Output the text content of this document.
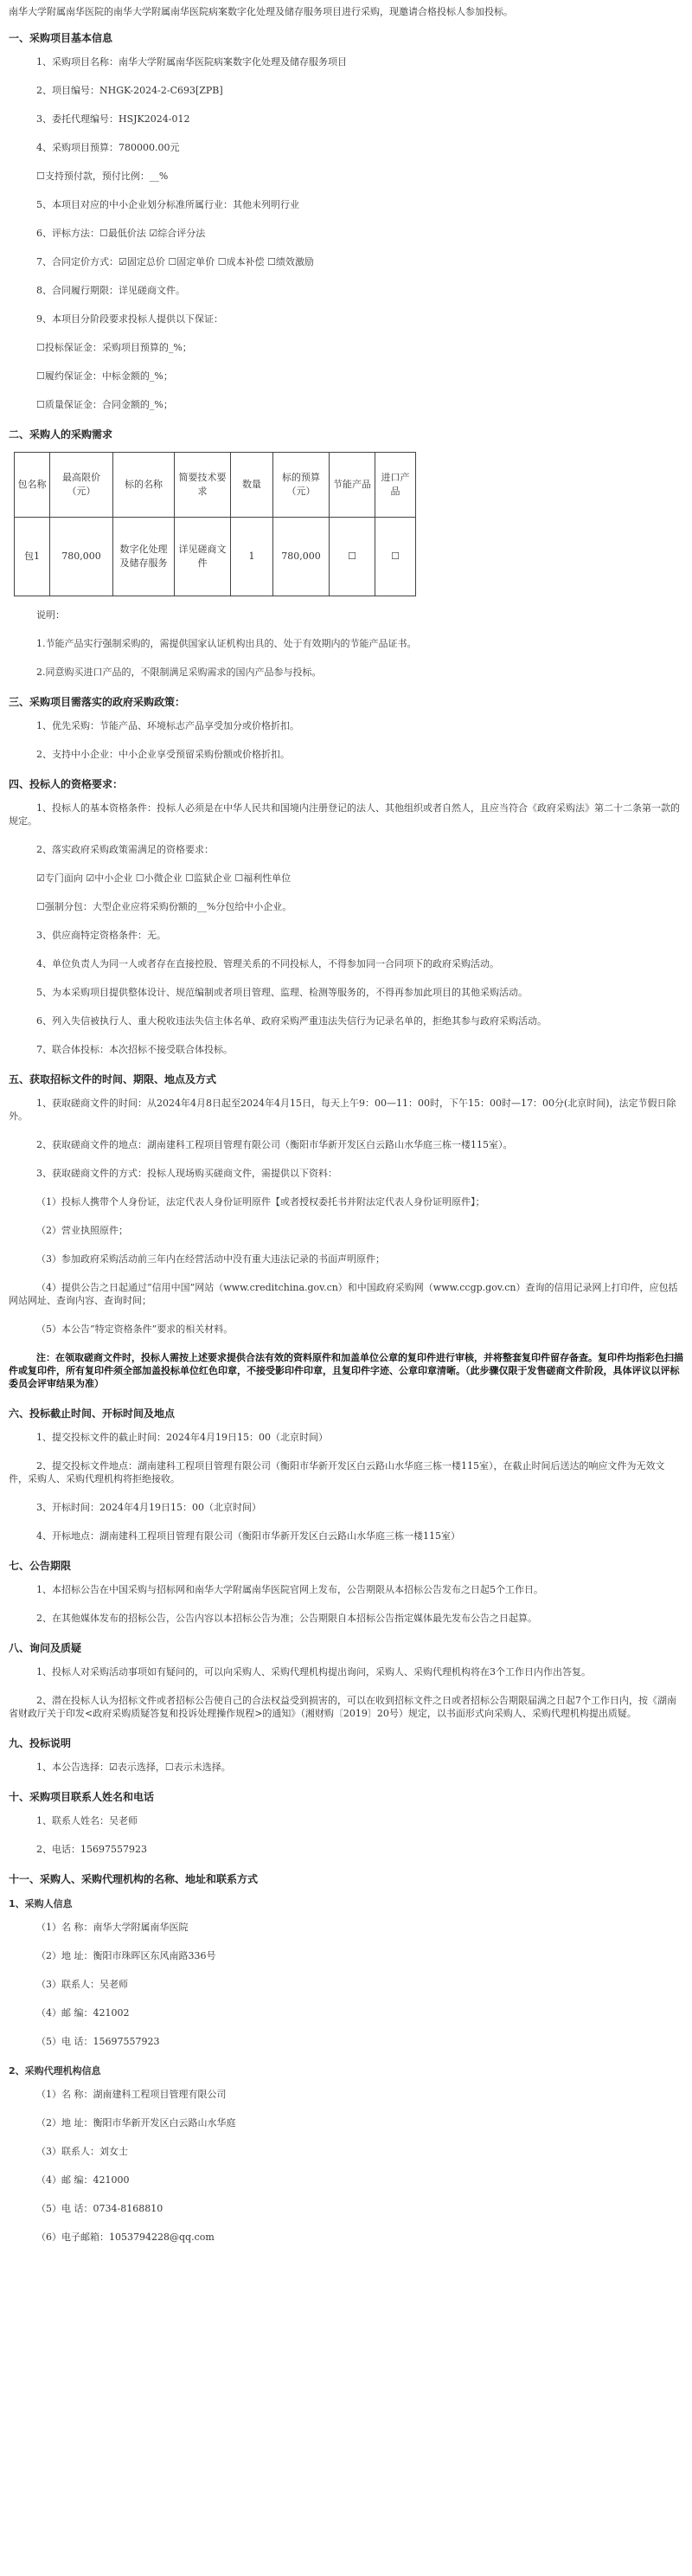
南华大学附属南华医院的南华大学附属南华医院病案数字化处理及储存服务项目进行采购，现邀请合格投标人参加投标。

一、采购项目基本信息

1、采购项目名称：南华大学附属南华医院病案数字化处理及储存服务项目

2、项目编号：NHGK-2024-2-C693[ZPB]

3、委托代理编号：HSJK2024-012

4、采购项目预算：780000.00元

☐支持预付款，预付比例：__%

5、本项目对应的中小企业划分标准所属行业：其他未列明行业

6、评标方法：☐最低价法 ☑综合评分法

7、合同定价方式：☑固定总价 ☐固定单价 ☐成本补偿 ☐绩效激励

8、合同履行期限：详见磋商文件。

9、本项目分阶段要求投标人提供以下保证：

☐投标保证金：采购项目预算的_%；

☐履约保证金：中标金额的_%；

☐质量保证金：合同金额的_%；

二、采购人的采购需求
包名称	最高限价（元）	标的名称	简要技术要求	数量	标的预算（元）	节能产品	进口产品
包1	780,000	数字化处理及储存服务	详见磋商文件	1	780,000	☐	☐

说明：

1.节能产品实行强制采购的，需提供国家认证机构出具的、处于有效期内的节能产品证书。

2.同意购买进口产品的，不限制满足采购需求的国内产品参与投标。

三、采购项目需落实的政府采购政策：

1、优先采购：节能产品、环境标志产品享受加分或价格折扣。

2、支持中小企业：中小企业享受预留采购份额或价格折扣。

四、投标人的资格要求：

1、投标人的基本资格条件：投标人必须是在中华人民共和国境内注册登记的法人、其他组织或者自然人，且应当符合《政府采购法》第二十二条第一款的规定。

2、落实政府采购政策需满足的资格要求：

☑专门面向 ☑中小企业 ☐小微企业 ☐监狱企业 ☐福利性单位

☐强制分包：大型企业应将采购份额的__%分包给中小企业。

3、供应商特定资格条件：无。

4、单位负责人为同一人或者存在直接控股、管理关系的不同投标人，不得参加同一合同项下的政府采购活动。

5、为本采购项目提供整体设计、规范编制或者项目管理、监理、检测等服务的，不得再参加此项目的其他采购活动。

6、列入失信被执行人、重大税收违法失信主体名单、政府采购严重违法失信行为记录名单的，拒绝其参与政府采购活动。

7、联合体投标：本次招标不接受联合体投标。

五、获取招标文件的时间、期限、地点及方式

1、获取磋商文件的时间：从2024年4月8日起至2024年4月15日，每天上午9：00—11：00时，下午15：00时—17：00分(北京时间)，法定节假日除外。

2、获取磋商文件的地点：湖南建科工程项目管理有限公司（衡阳市华新开发区白云路山水华庭三栋一楼115室）。

3、获取磋商文件的方式：投标人现场购买磋商文件，需提供以下资料：

（1）投标人携带个人身份证，法定代表人身份证明原件【或者授权委托书并附法定代表人身份证明原件】；

（2）营业执照原件；

（3）参加政府采购活动前三年内在经营活动中没有重大违法记录的书面声明原件；

（4）提供公告之日起通过“信用中国”网站（www.creditchina.gov.cn）和中国政府采购网（www.ccgp.gov.cn）查询的信用记录网上打印件，应包括网站网址、查询内容、查询时间；

（5）本公告“特定资格条件”要求的相关材料。

注：在领取磋商文件时，投标人需按上述要求提供合法有效的资料原件和加盖单位公章的复印件进行审核，并将整套复印件留存备查。复印件均指彩色扫描件或复印件，所有复印件须全部加盖投标单位红色印章，不接受影印件印章，且复印件字迹、公章印章清晰。（此步骤仅限于发售磋商文件阶段，具体评议以评标委员会评审结果为准）

六、投标截止时间、开标时间及地点

1、提交投标文件的截止时间：2024年4月19日15：00（北京时间）

2、提交投标文件地点：湖南建科工程项目管理有限公司（衡阳市华新开发区白云路山水华庭三栋一楼115室），在截止时间后送达的响应文件为无效文件，采购人、采购代理机构将拒绝接收。

3、开标时间：2024年4月19日15：00（北京时间）

4、开标地点：湖南建科工程项目管理有限公司（衡阳市华新开发区白云路山水华庭三栋一楼115室）

七、公告期限

1、本招标公告在中国采购与招标网和南华大学附属南华医院官网上发布，公告期限从本招标公告发布之日起5个工作日。

2、在其他媒体发布的招标公告，公告内容以本招标公告为准；公告期限自本招标公告指定媒体最先发布公告之日起算。

八、询问及质疑

1、投标人对采购活动事项如有疑问的，可以向采购人、采购代理机构提出询问，采购人、采购代理机构将在3个工作日内作出答复。

2、潜在投标人认为招标文件或者招标公告使自己的合法权益受到损害的，可以在收到招标文件之日或者招标公告期限届满之日起7个工作日内，按《湖南省财政厅关于印发<政府采购质疑答复和投诉处理操作规程>的通知》（湘财购〔2019〕20号）规定，以书面形式向采购人、采购代理机构提出质疑。

九、投标说明

1、本公告选择：☑表示选择，☐表示未选择。

十、采购项目联系人姓名和电话

1、联系人姓名：吴老师

2、电话：15697557923

十一、采购人、采购代理机构的名称、地址和联系方式
1、采购人信息

（1）名 称：南华大学附属南华医院

（2）地 址：衡阳市珠晖区东风南路336号

（3）联系人：吴老师

（4）邮 编：421002

（5）电 话：15697557923

2、采购代理机构信息

（1）名 称：湖南建科工程项目管理有限公司

（2）地 址：衡阳市华新开发区白云路山水华庭

（3）联系人：刘女士

（4）邮 编：421000

（5）电 话：0734-8168810

（6）电子邮箱：1053794228@qq.com
